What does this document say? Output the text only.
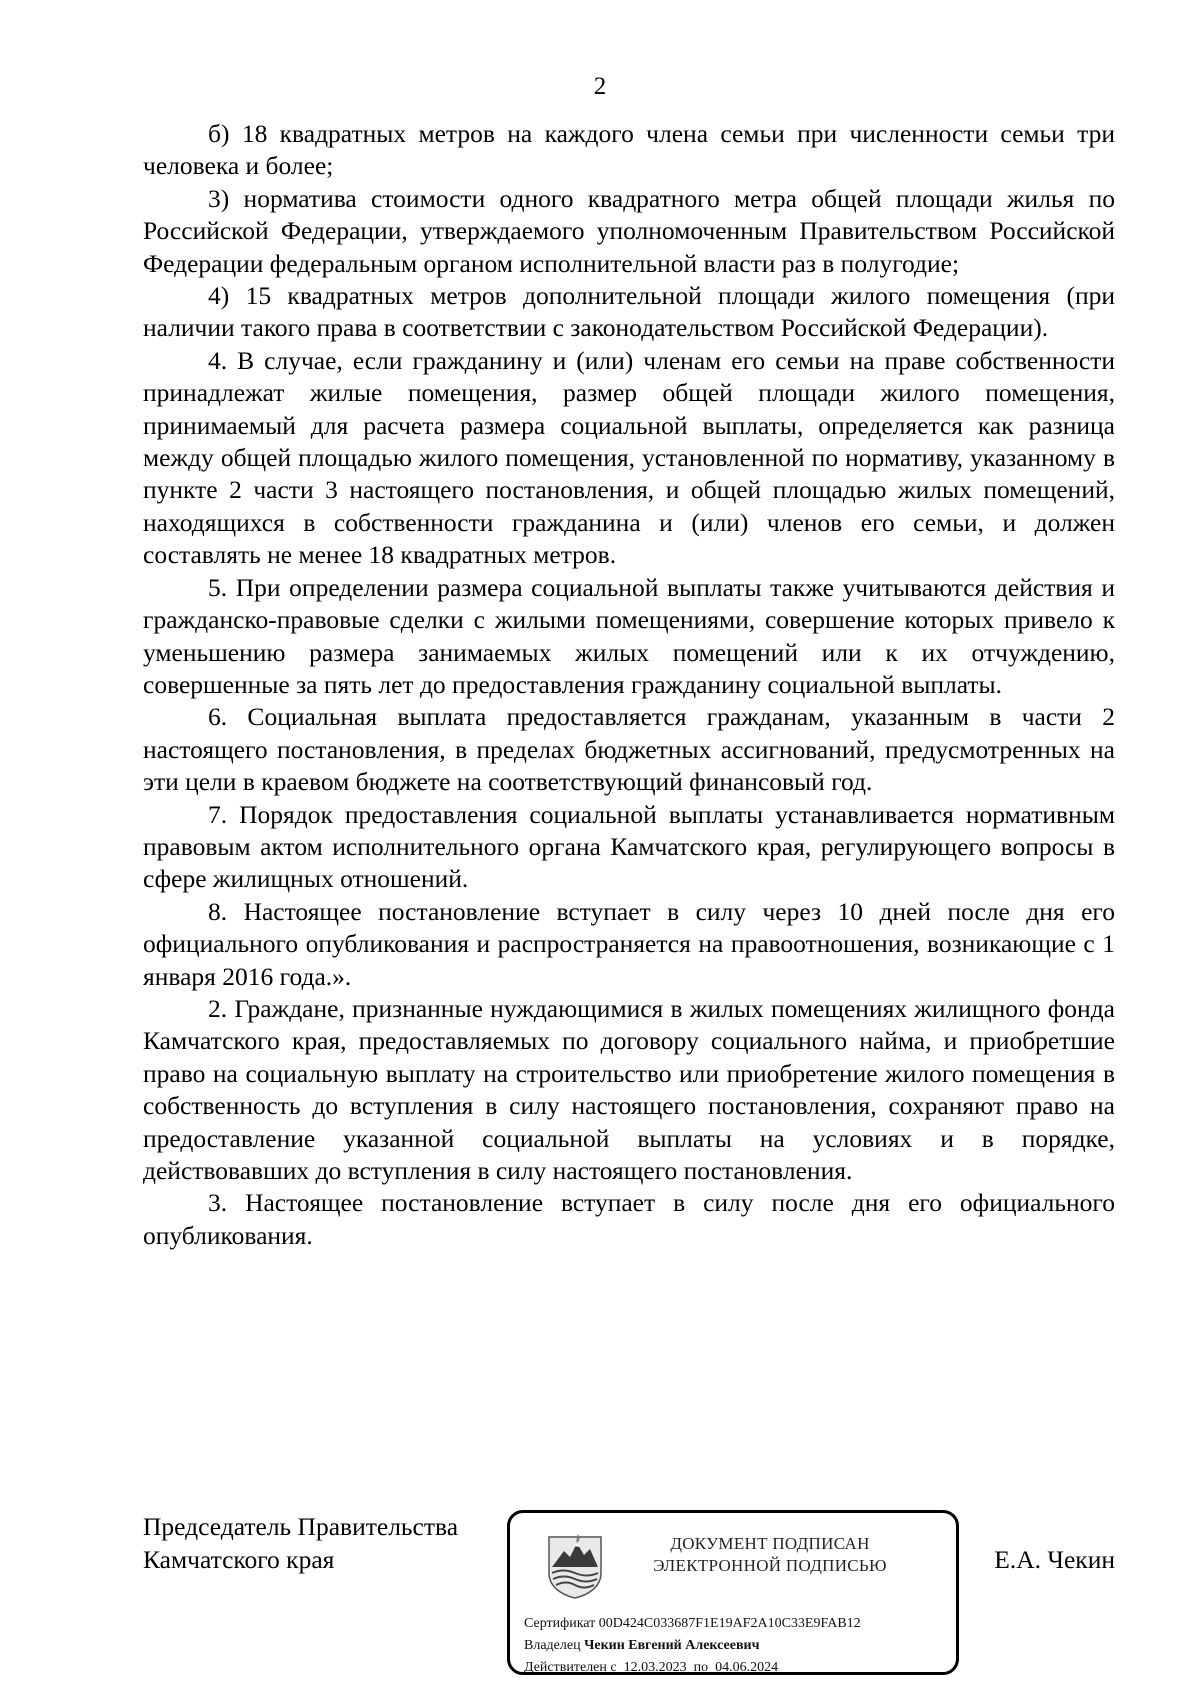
2

б) 18 квадратных метров на каждого члена семьи при численности семьи три человека и более;

3) норматива стоимости одного квадратного метра общей площади жилья по Российской Федерации, утверждаемого уполномоченным Правительством Российской Федерации федеральным органом исполнительной власти раз в полугодие;

4) 15 квадратных метров дополнительной площади жилого помещения (при наличии такого права в соответствии с законодательством Российской Федерации).

4. В случае, если гражданину и (или) членам его семьи на праве собственности принадлежат жилые помещения, размер общей площади жилого помещения, принимаемый для расчета размера социальной выплаты, определяется как разница между общей площадью жилого помещения, установленной по нормативу, указанному в пункте 2 части 3 настоящего постановления, и общей площадью жилых помещений, находящихся в собственности гражданина и (или) членов его семьи, и должен составлять не менее 18 квадратных метров.

5. При определении размера социальной выплаты также учитываются действия и гражданско-правовые сделки с жилыми помещениями, совершение которых привело к уменьшению размера занимаемых жилых помещений или к их отчуждению, совершенные за пять лет до предоставления гражданину социальной выплаты.

6. Социальная выплата предоставляется гражданам, указанным в части 2 настоящего постановления, в пределах бюджетных ассигнований, предусмотренных на эти цели в краевом бюджете на соответствующий финансовый год.

7. Порядок предоставления социальной выплаты устанавливается нормативным правовым актом исполнительного органа Камчатского края, регулирующего вопросы в сфере жилищных отношений.

8. Настоящее постановление вступает в силу через 10 дней после дня его официального опубликования и распространяется на правоотношения, возникающие с 1 января 2016 года.».

2. Граждане, признанные нуждающимися в жилых помещениях жилищного фонда Камчатского края, предоставляемых по договору социального найма, и приобретшие право на социальную выплату на строительство или приобретение жилого помещения в собственность до вступления в силу настоящего постановления, сохраняют право на предоставление указанной социальной выплаты на условиях и в порядке, действовавших до вступления в силу настоящего постановления.

3. Настоящее постановление вступает в силу после дня его официального опубликования.

Председатель Правительства
Камчатского края
ДОКУМЕНТ ПОДПИСАН
ЭЛЕКТРОННОЙ ПОДПИСЬЮ
Сертификат 00D424C033687F1E19AF2A10C33E9FAB12
Владелец Чекин Евгений Алексеевич
Действителен с 12.03.2023 по 04.06.2024
Е.А. Чекин
